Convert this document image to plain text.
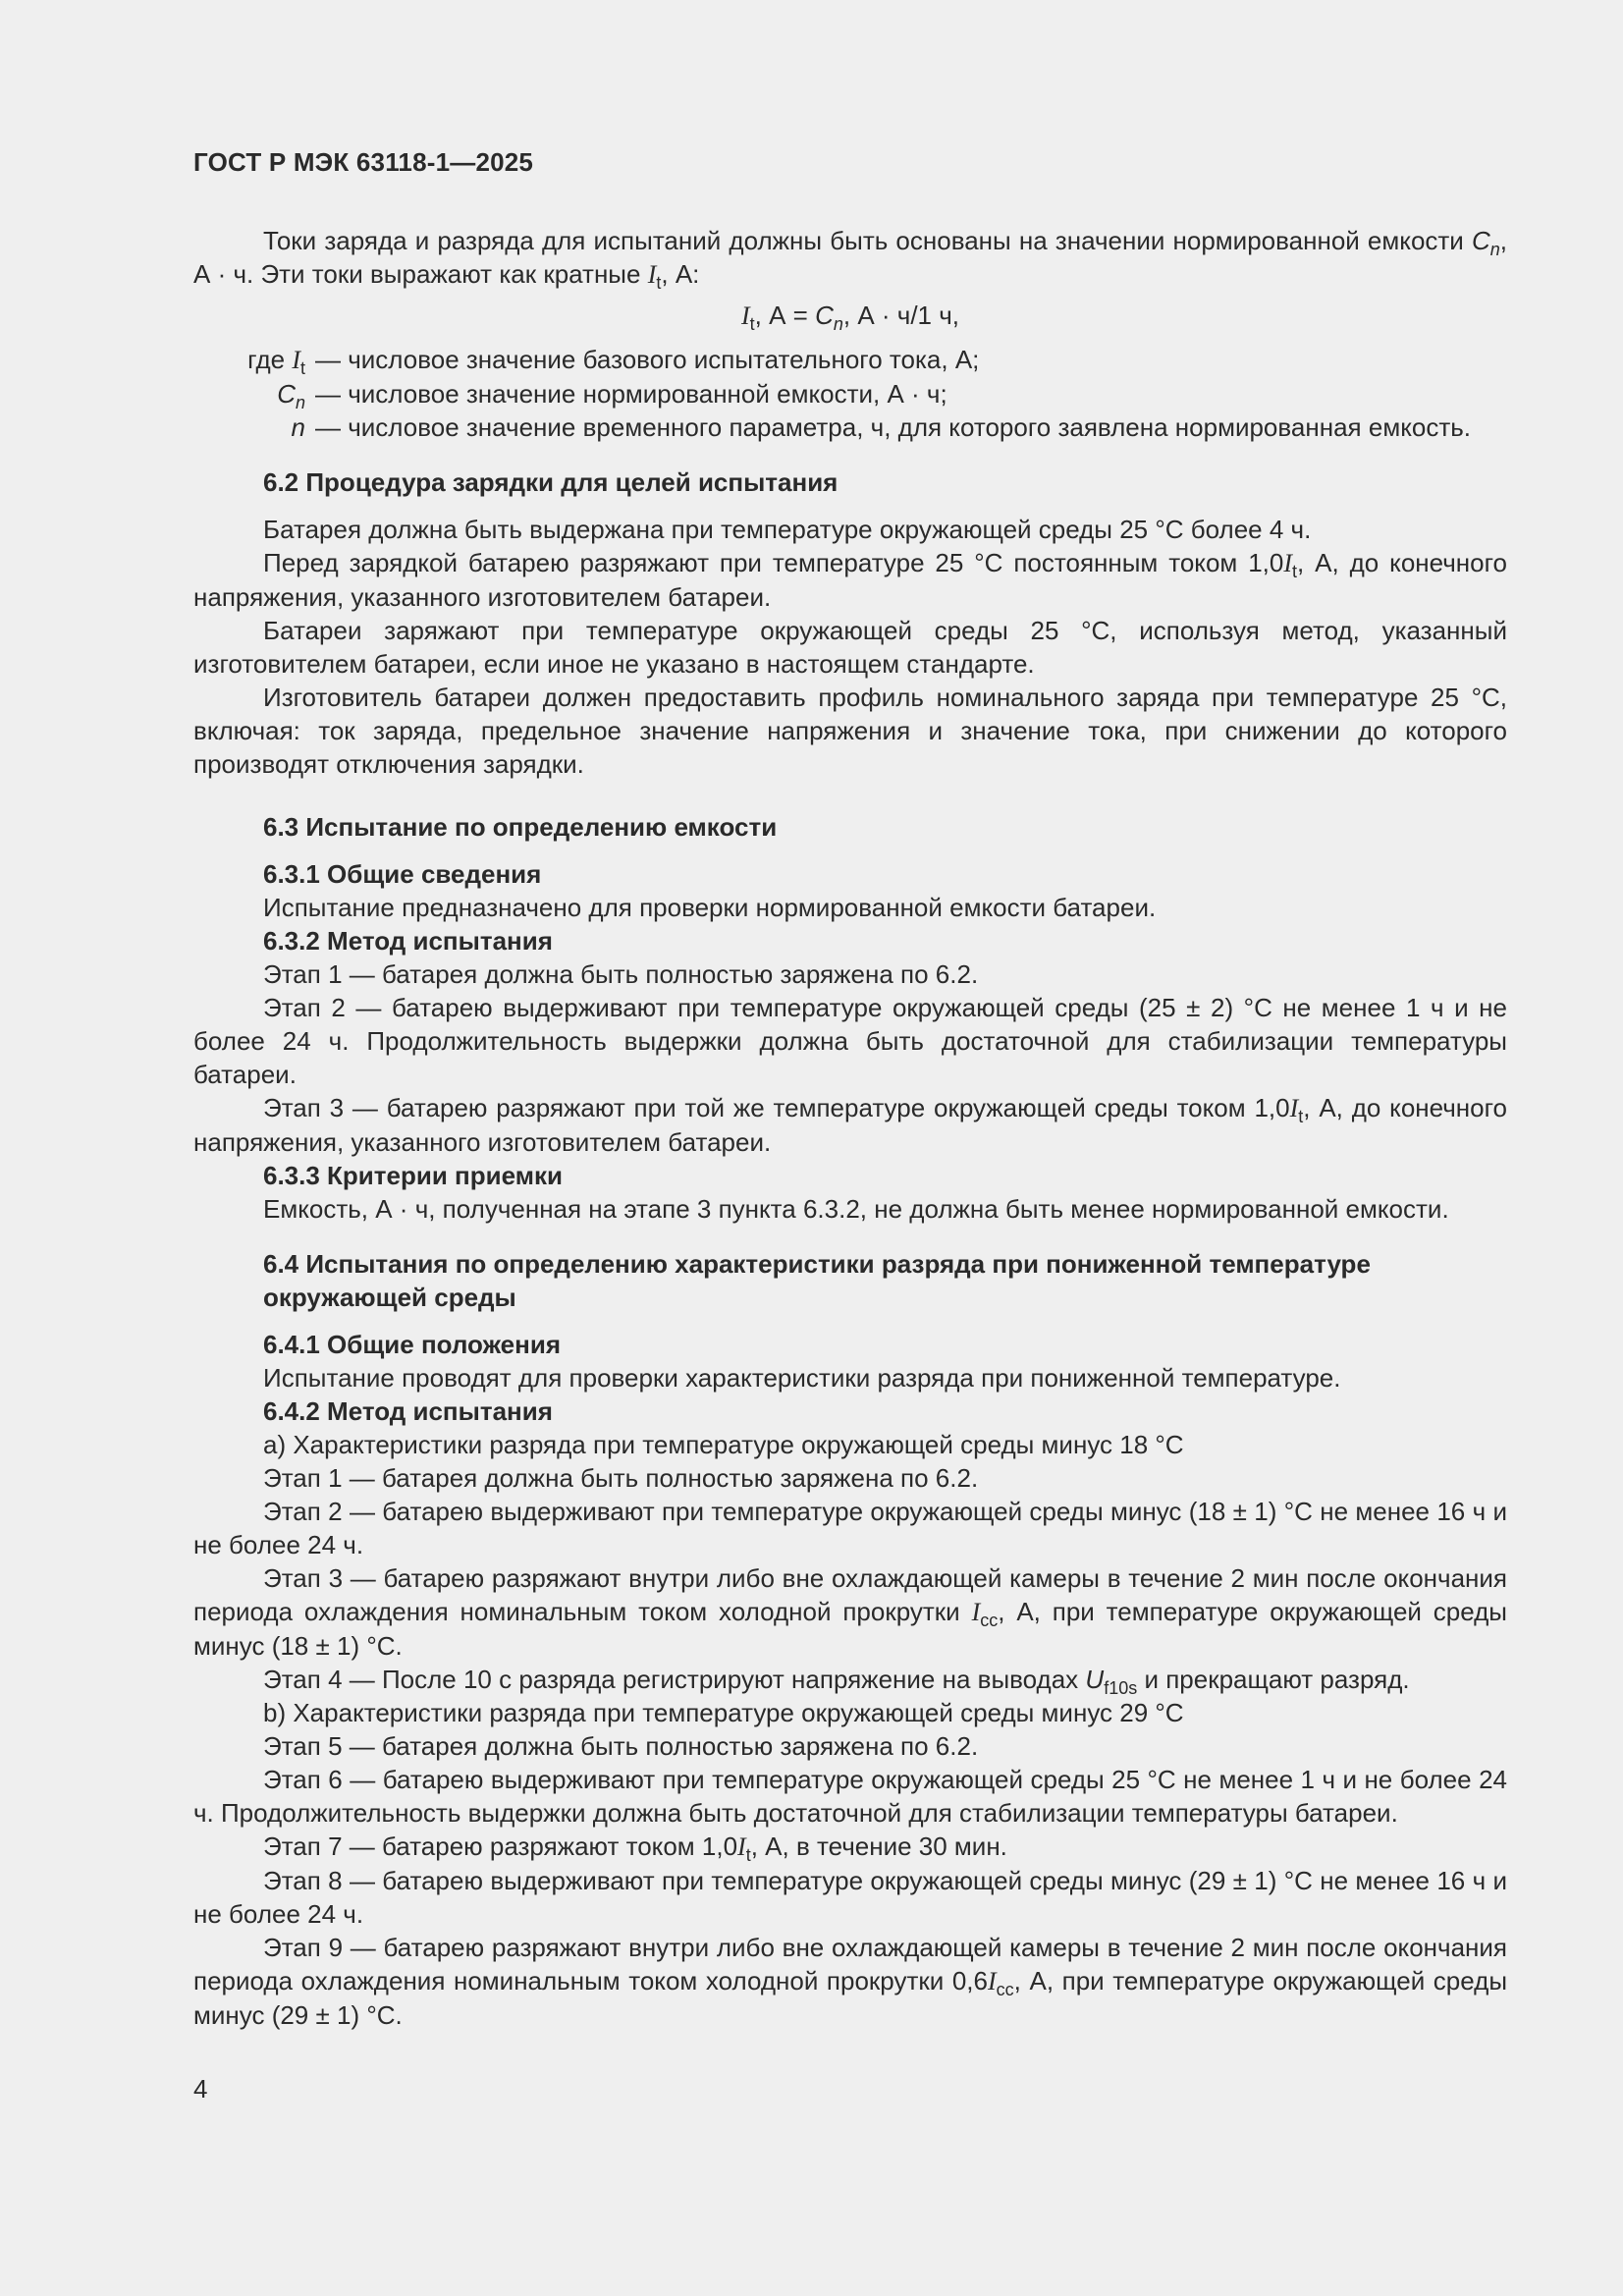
ГОСТ Р МЭК 63118-1—2025

Токи заряда и разряда для испытаний должны быть основаны на значении нормированной емкости $C_n$, А · ч. Эти токи выражают как кратные $I_t$, А:

$I_t$, $А = C_n$, А · ч/1 ч,

где $I_t$ — числовое значение базового испытательного тока, А;
$C_n$ — числовое значение нормированной емкости, А · ч;
n — числовое значение временного параметра, ч, для которого заявлена нормированная емкость.

6.2 Процедура зарядки для целей испытания

Батарея должна быть выдержана при температуре окружающей среды 25 °С более 4 ч.

Перед зарядкой батарею разряжают при температуре 25 °С постоянным током $1,0I_t$, А, до конечного напряжения, указанного изготовителем батареи.

Батареи заряжают при температуре окружающей среды 25 °С, используя метод, указанный изготовителем батареи, если иное не указано в настоящем стандарте.

Изготовитель батареи должен предоставить профиль номинального заряда при температуре 25 °С, включая: ток заряда, предельное значение напряжения и значение тока, при снижении до которого производят отключения зарядки.

6.3 Испытание по определению емкости

6.3.1 Общие сведения

Испытание предназначено для проверки нормированной емкости батареи.

6.3.2 Метод испытания

Этап 1 — батарея должна быть полностью заряжена по 6.2.

Этап 2 — батарею выдерживают при температуре окружающей среды (25 ± 2) °С не менее 1 ч и не более 24 ч. Продолжительность выдержки должна быть достаточной для стабилизации температуры батареи.

Этап 3 — батарею разряжают при той же температуре окружающей среды током $1,0I_t$, А, до конечного напряжения, указанного изготовителем батареи.

6.3.3 Критерии приемки

Емкость, А · ч, полученная на этапе 3 пункта 6.3.2, не должна быть менее нормированной емкости.

6.4 Испытания по определению характеристики разряда при пониженной температуре
окружающей среды

6.4.1 Общие положения

Испытание проводят для проверки характеристики разряда при пониженной температуре.

6.4.2 Метод испытания

а) Характеристики разряда при температуре окружающей среды минус 18 °С

Этап 1 — батарея должна быть полностью заряжена по 6.2.

Этап 2 — батарею выдерживают при температуре окружающей среды минус (18 ± 1) °С не менее 16 ч и не более 24 ч.

Этап 3 — батарею разряжают внутри либо вне охлаждающей камеры в течение 2 мин после окончания периода охлаждения номинальным током холодной прокрутки $I_{cc}$, А, при температуре окружающей среды минус (18 ± 1) °С.

Этап 4 — После 10 с разряда регистрируют напряжение на выводах $U_{f10s}$ и прекращают разряд.

b) Характеристики разряда при температуре окружающей среды минус 29 °С

Этап 5 — батарея должна быть полностью заряжена по 6.2.

Этап 6 — батарею выдерживают при температуре окружающей среды 25 °С не менее 1 ч и не более 24 ч. Продолжительность выдержки должна быть достаточной для стабилизации температуры батареи.

Этап 7 — батарею разряжают током $1,0I_t$, А, в течение 30 мин.

Этап 8 — батарею выдерживают при температуре окружающей среды минус (29 ± 1) °С не менее 16 ч и не более 24 ч.

Этап 9 — батарею разряжают внутри либо вне охлаждающей камеры в течение 2 мин после окончания периода охлаждения номинальным током холодной прокрутки $0,6I_{cc}$, А, при температуре окружающей среды минус (29 ± 1) °С.

4
